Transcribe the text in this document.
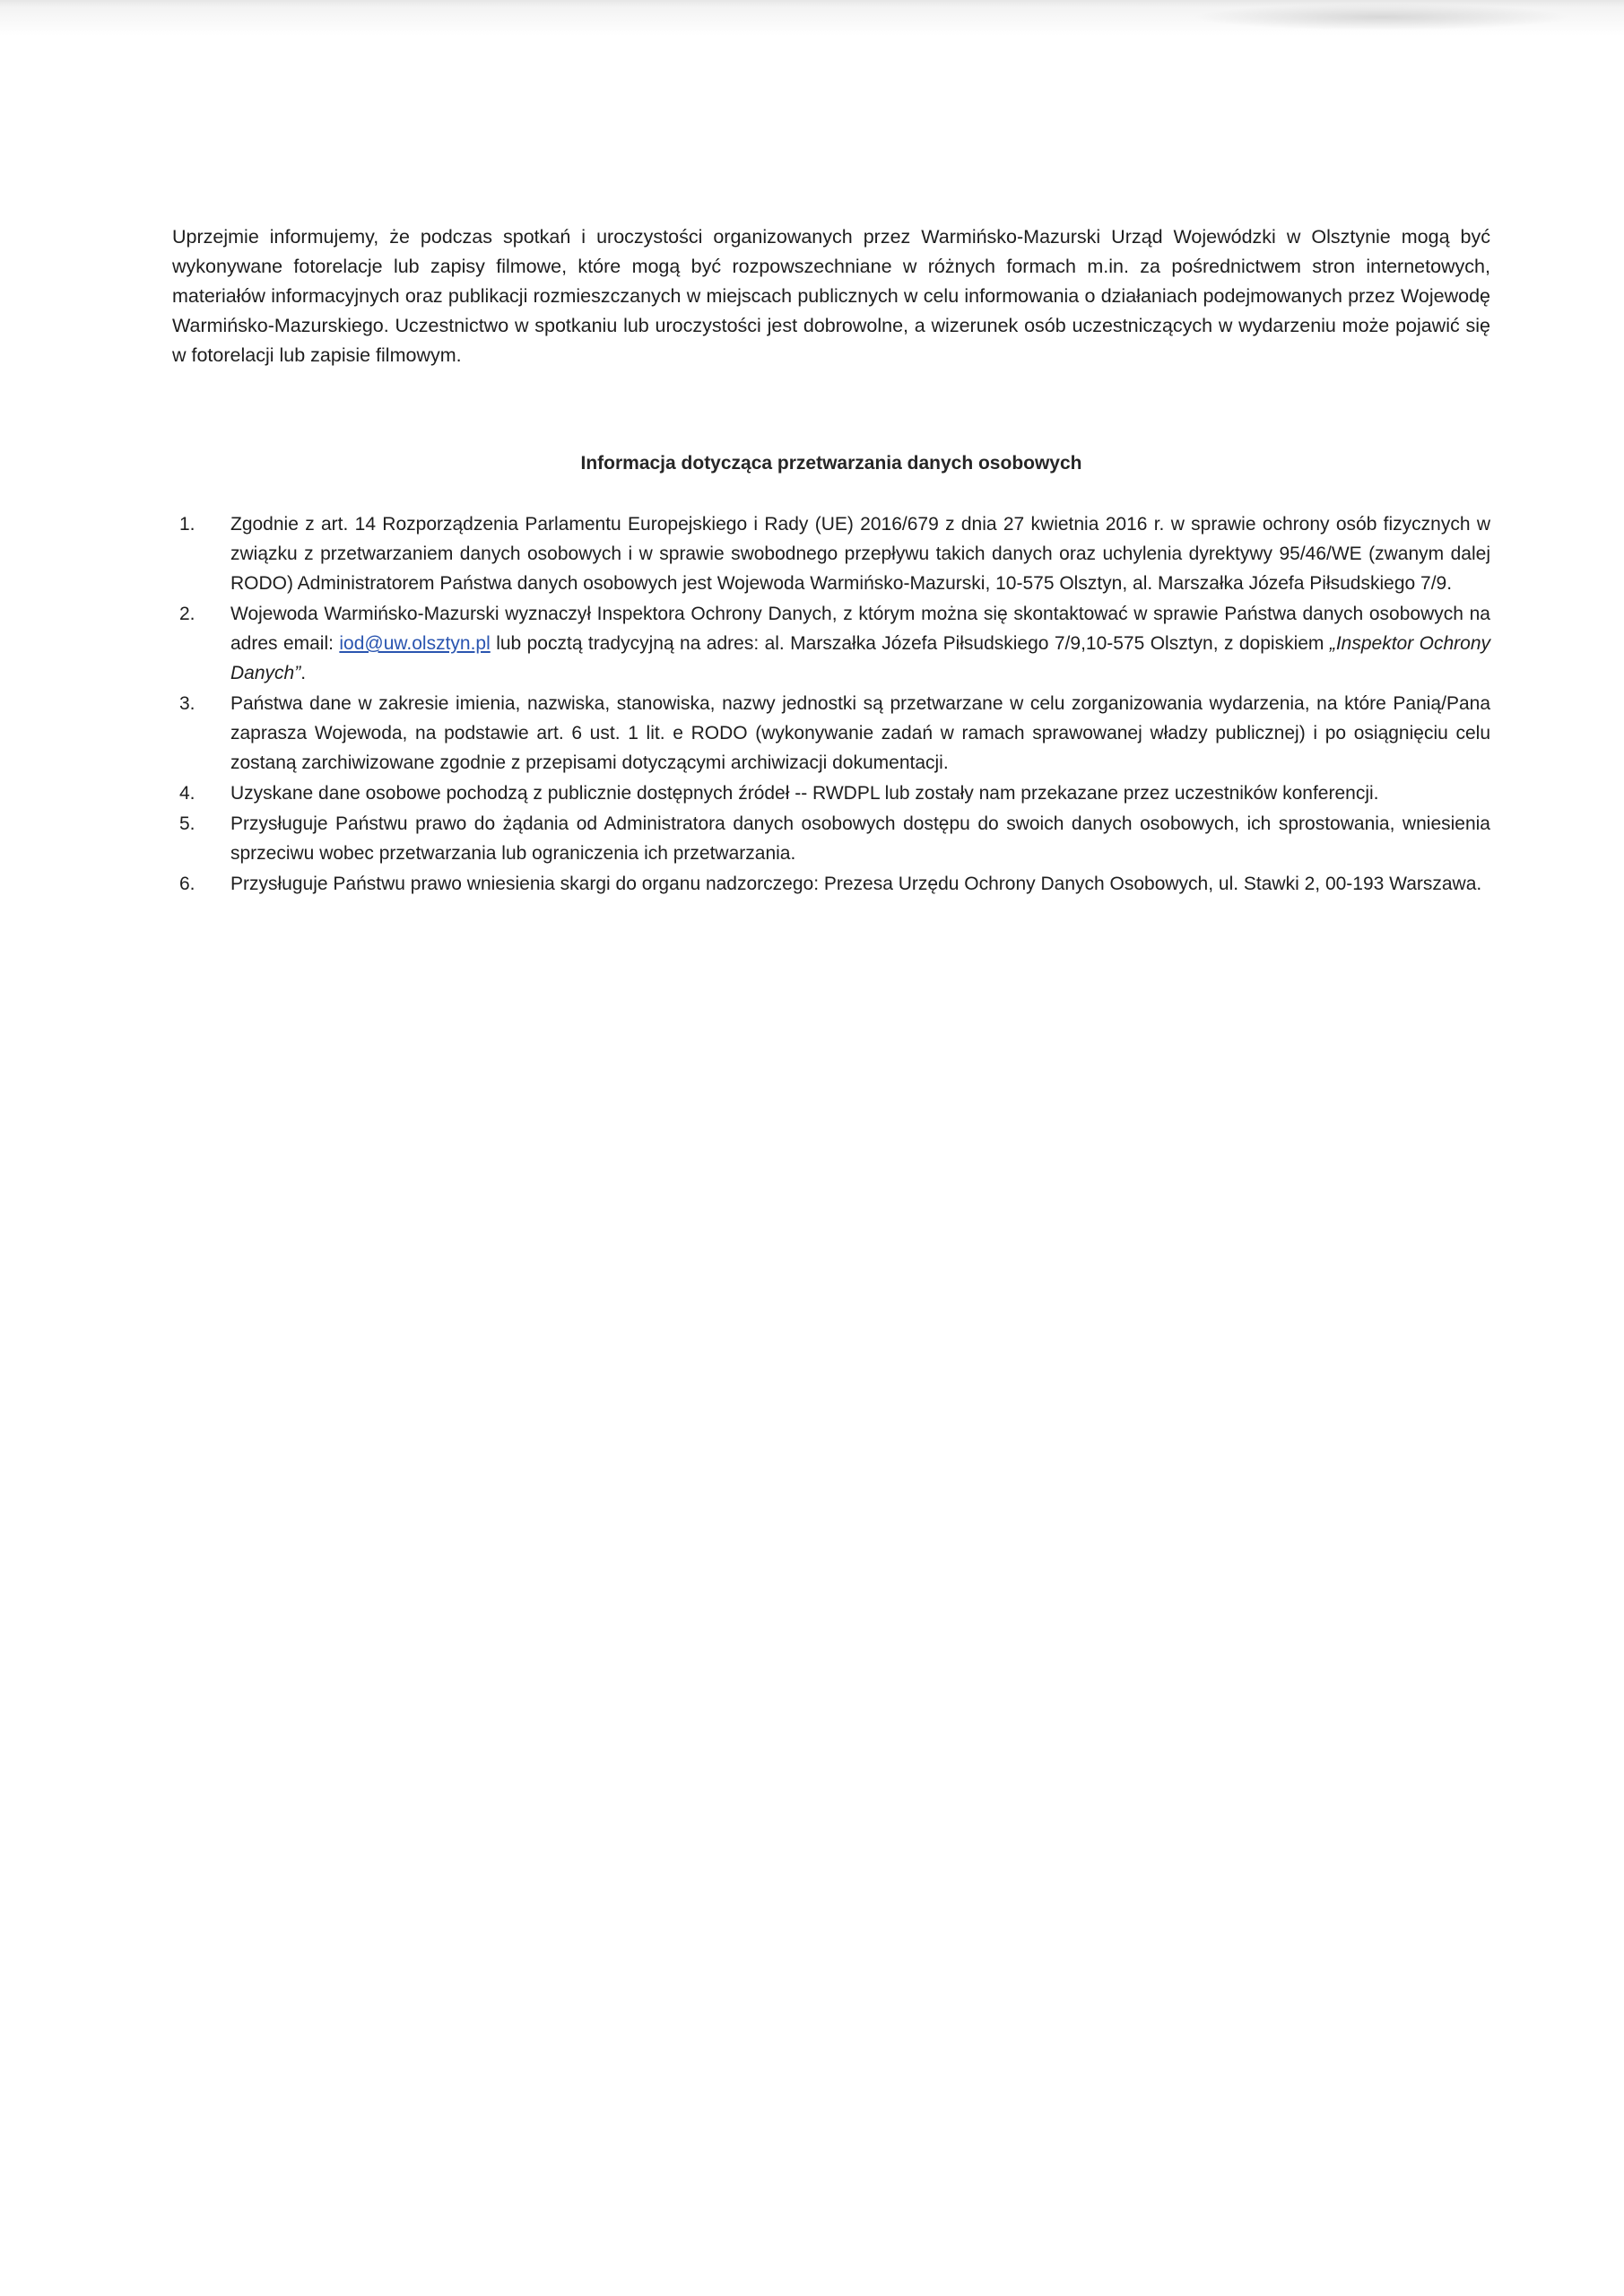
Uprzejmie informujemy, że podczas spotkań i uroczystości organizowanych przez Warmińsko-Mazurski Urząd Wojewódzki w Olsztynie mogą być wykonywane fotorelacje lub zapisy filmowe, które mogą być rozpowszechniane w różnych formach m.in. za pośrednictwem stron internetowych, materiałów informacyjnych oraz publikacji rozmieszczanych w miejscach publicznych w celu informowania o działaniach podejmowanych przez Wojewodę Warmińsko-Mazurskiego. Uczestnictwo w spotkaniu lub uroczystości jest dobrowolne, a wizerunek osób uczestniczących w wydarzeniu może pojawić się w fotorelacji lub zapisie filmowym.

Informacja dotycząca przetwarzania danych osobowych
1.	Zgodnie z art. 14 Rozporządzenia Parlamentu Europejskiego i Rady (UE) 2016/679 z dnia 27 kwietnia 2016 r. w sprawie ochrony osób fizycznych w związku z przetwarzaniem danych osobowych i w sprawie swobodnego przepływu takich danych oraz uchylenia dyrektywy 95/46/WE (zwanym dalej RODO) Administratorem Państwa danych osobowych jest Wojewoda Warmińsko-Mazurski, 10-575 Olsztyn, al. Marszałka Józefa Piłsudskiego 7/9.
2.	Wojewoda Warmińsko-Mazurski wyznaczył Inspektora Ochrony Danych, z którym można się skontaktować w sprawie Państwa danych osobowych na adres email: iod@uw.olsztyn.pl lub pocztą tradycyjną na adres: al. Marszałka Józefa Piłsudskiego 7/9,10-575 Olsztyn, z dopiskiem „Inspektor Ochrony Danych”.
3.	Państwa dane w zakresie imienia, nazwiska, stanowiska, nazwy jednostki są przetwarzane w celu zorganizowania wydarzenia, na które Panią/Pana zaprasza Wojewoda, na podstawie art. 6 ust. 1 lit. e RODO (wykonywanie zadań w ramach sprawowanej władzy publicznej) i po osiągnięciu celu zostaną zarchiwizowane zgodnie z przepisami dotyczącymi archiwizacji dokumentacji.
4.	Uzyskane dane osobowe pochodzą z publicznie dostępnych źródeł -- RWDPL lub zostały nam przekazane przez uczestników konferencji.
5.	Przysługuje Państwu prawo do żądania od Administratora danych osobowych dostępu do swoich danych osobowych, ich sprostowania, wniesienia sprzeciwu wobec przetwarzania lub ograniczenia ich przetwarzania.
6.	Przysługuje Państwu prawo wniesienia skargi do organu nadzorczego: Prezesa Urzędu Ochrony Danych Osobowych, ul. Stawki 2, 00-193 Warszawa.
